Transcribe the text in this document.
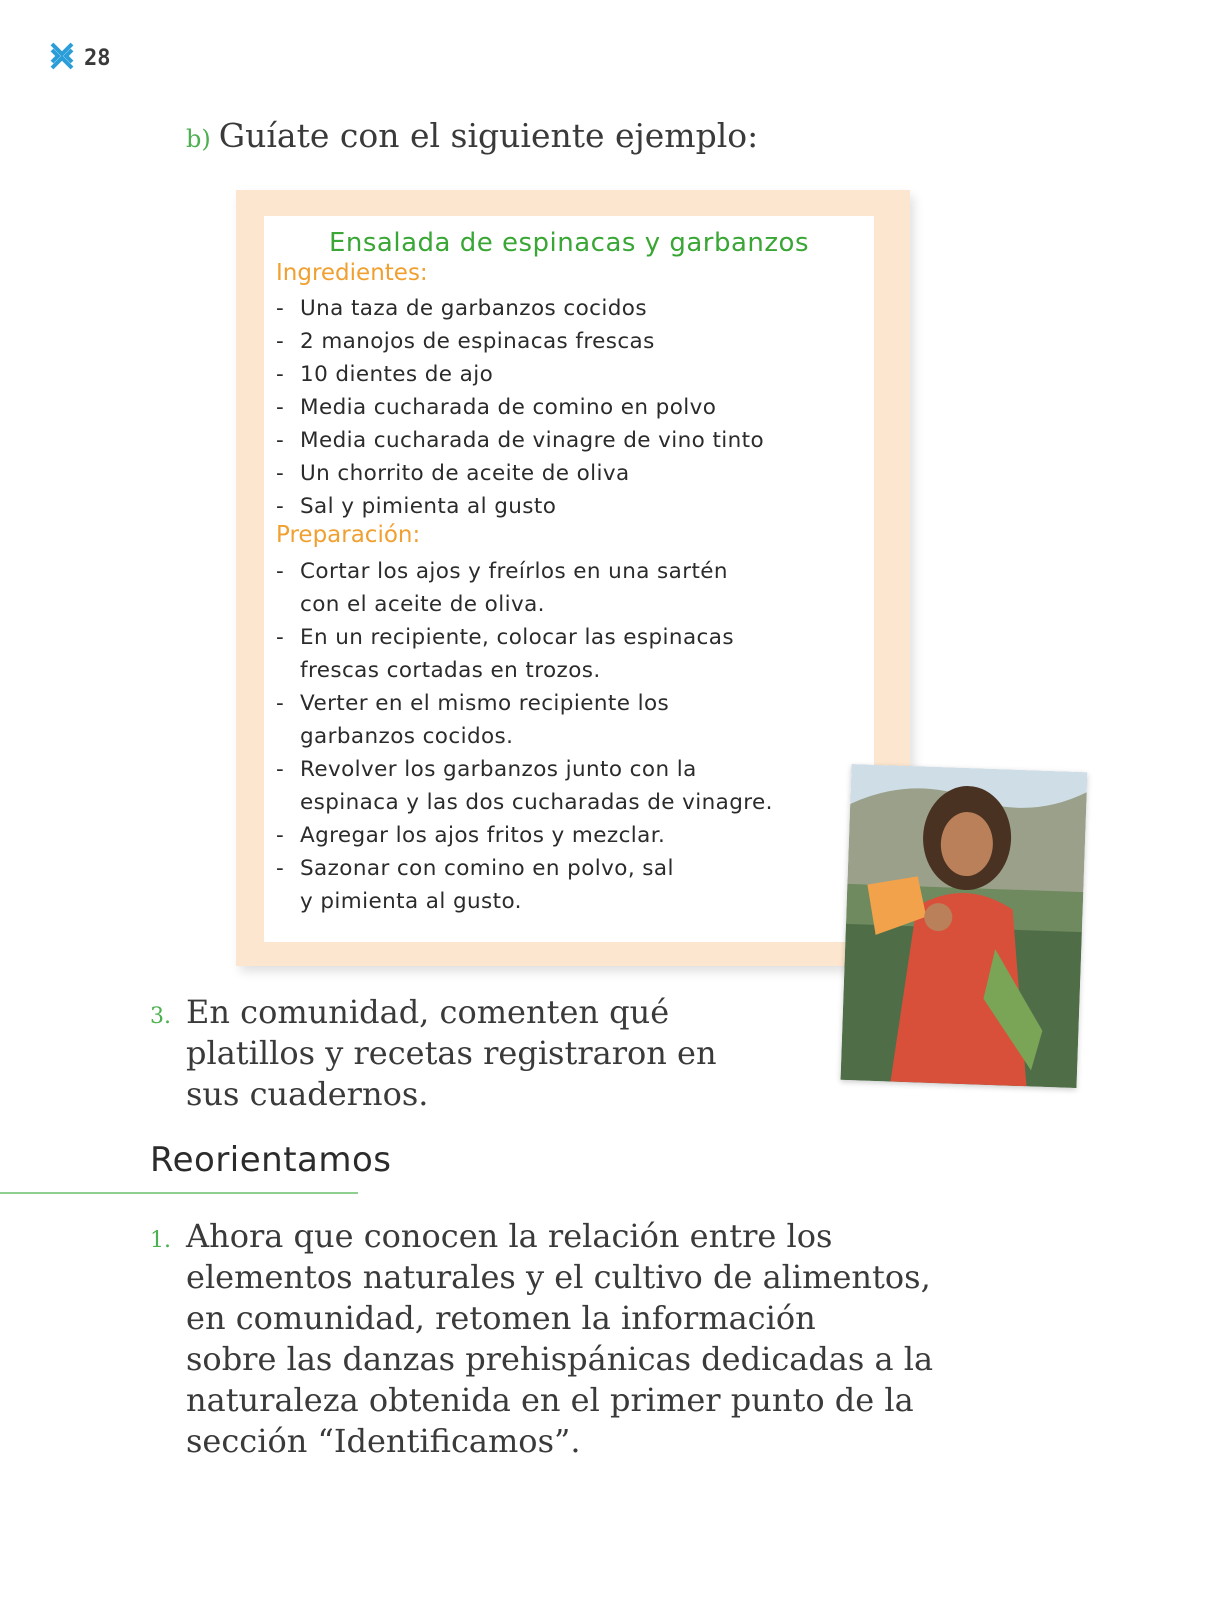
28
b) Guíate con el siguiente ejemplo:
Ensalada de espinacas y garbanzos
Ingredientes:
- Una taza de garbanzos cocidos
- 2 manojos de espinacas frescas
- 10 dientes de ajo
- Media cucharada de comino en polvo
- Media cucharada de vinagre de vino tinto
- Un chorrito de aceite de oliva
- Sal y pimienta al gusto
Preparación:
- Cortar los ajos y freírlos en una sartén
con el aceite de oliva.
- En un recipiente, colocar las espinacas
frescas cortadas en trozos.
- Verter en el mismo recipiente los
garbanzos cocidos.
- Revolver los garbanzos junto con la
espinaca y las dos cucharadas de vinagre.
- Agregar los ajos fritos y mezclar.
- Sazonar con comino en polvo, sal
y pimienta al gusto.
3. En comunidad, comenten qué
platillos y recetas registraron en
sus cuadernos.
Reorientamos
1. Ahora que conocen la relación entre los
elementos naturales y el cultivo de alimentos,
en comunidad, retomen la información
sobre las danzas prehispánicas dedicadas a la
naturaleza obtenida en el primer punto de la
sección “Identificamos”.
